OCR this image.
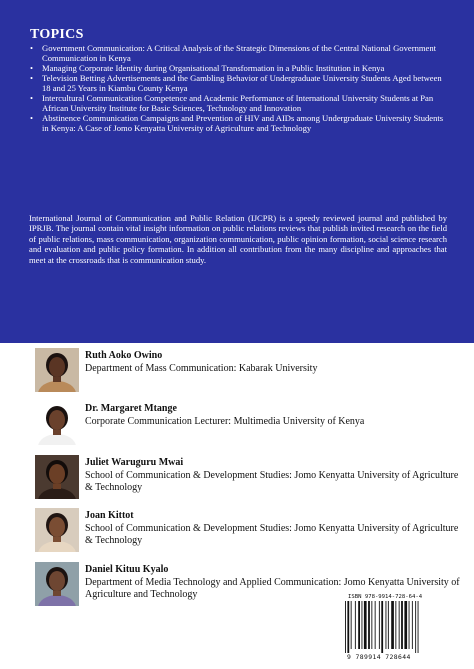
TOPICS
• Government Communication: A Critical Analysis of the Strategic Dimensions of the Central National Government Communication in Kenya
• Managing Corporate Identity during Organisational Transformation in a Public Institution in Kenya
• Television Betting Advertisements and the Gambling Behavior of Undergraduate University Students Aged between 18 and 25 Years in Kiambu County Kenya
• Intercultural Communication Competence and Academic Performance of International University Students at Pan African University Institute for Basic Sciences, Technology and Innovation
• Abstinence Communication Campaigns and Prevention of HIV and AIDs among Undergraduate University Students in Kenya: A Case of Jomo Kenyatta University of Agriculture and Technology
International Journal of Communication and Public Relation (IJCPR) is a speedy reviewed journal and published by IPRJB. The journal contain vital insight information on public relations reviews that publish invited research on the field of public relations, mass communication, organization communication, public opinion formation, social science research and evaluation and public policy formation. In addition all contribution from the many discipline and approaches that meet at the crossroads that is communication study.
Ruth Aoko Owino
Department of Mass Communication: Kabarak University
Dr. Margaret Mtange
Corporate Communication Lecturer: Multimedia University of Kenya
Juliet Waruguru Mwai
School of Communication & Development Studies: Jomo Kenyatta University of Agriculture & Technology
Joan Kittot
School of Communication & Development Studies: Jomo Kenyatta University of Agriculture & Technology
Daniel Kituu Kyalo
Department of Media Technology and Applied Communication: Jomo Kenyatta University of Agriculture and Technology	ISBN 978-9914-728-64-4
9 789914 728644
